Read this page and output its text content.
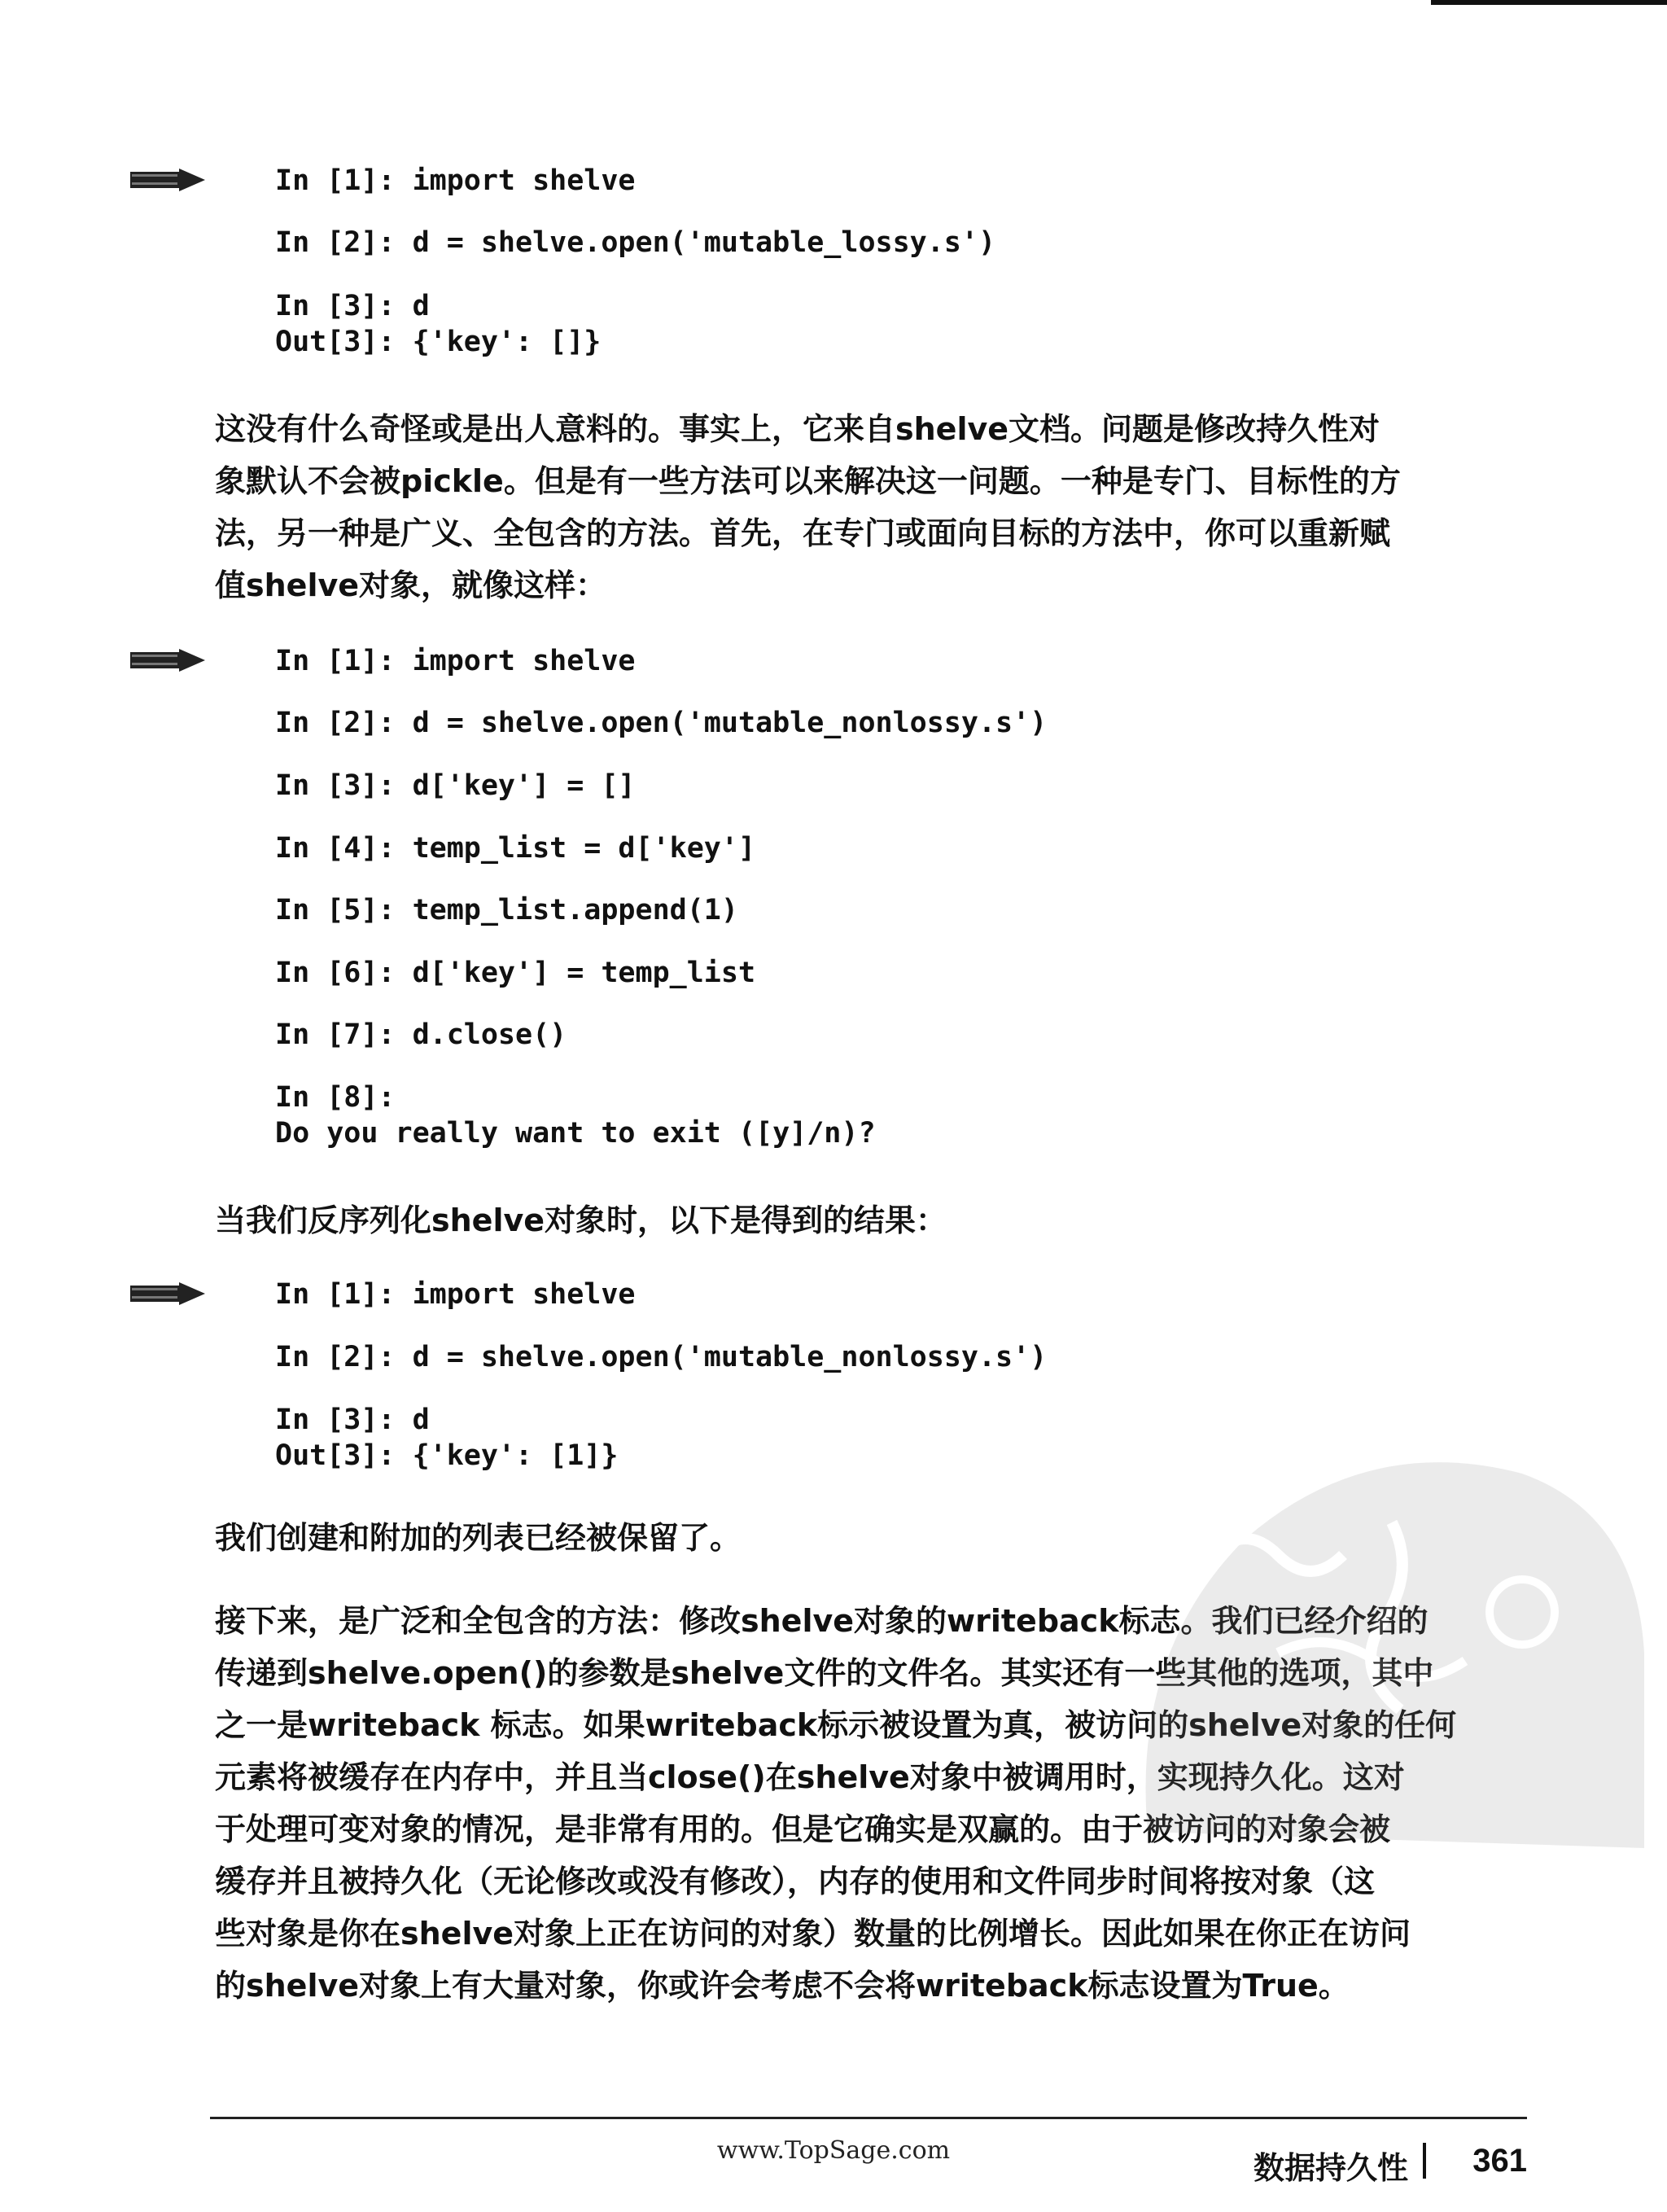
In [1]: import shelve
In [2]: d = shelve.open('mutable_lossy.s')
In [3]: d
Out[3]: {'key': []}
这没有什么奇怪或是出人意料的。事实上，它来自shelve文档。问题是修改持久性对
象默认不会被pickle。但是有一些方法可以来解决这一问题。一种是专门、目标性的方
法，另一种是广义、全包含的方法。首先，在专门或面向目标的方法中，你可以重新赋
值shelve对象，就像这样：
In [1]: import shelve
In [2]: d = shelve.open('mutable_nonlossy.s')
In [3]: d['key'] = []
In [4]: temp_list = d['key']
In [5]: temp_list.append(1)
In [6]: d['key'] = temp_list
In [7]: d.close()
In [8]:
Do you really want to exit ([y]/n)?
当我们反序列化shelve对象时，以下是得到的结果：
In [1]: import shelve
In [2]: d = shelve.open('mutable_nonlossy.s')
In [3]: d
Out[3]: {'key': [1]}
我们创建和附加的列表已经被保留了。
接下来，是广泛和全包含的方法：修改shelve对象的writeback标志。我们已经介绍的
传递到shelve.open()的参数是shelve文件的文件名。其实还有一些其他的选项，其中
之一是writeback 标志。如果writeback标示被设置为真，被访问的shelve对象的任何
元素将被缓存在内存中，并且当close()在shelve对象中被调用时，实现持久化。这对
于处理可变对象的情况，是非常有用的。但是它确实是双赢的。由于被访问的对象会被
缓存并且被持久化（无论修改或没有修改），内存的使用和文件同步时间将按对象（这
些对象是你在shelve对象上正在访问的对象）数量的比例增长。因此如果在你正在访问
的shelve对象上有大量对象，你或许会考虑不会将writeback标志设置为True。
www.TopSage.com	数据持久性 361
